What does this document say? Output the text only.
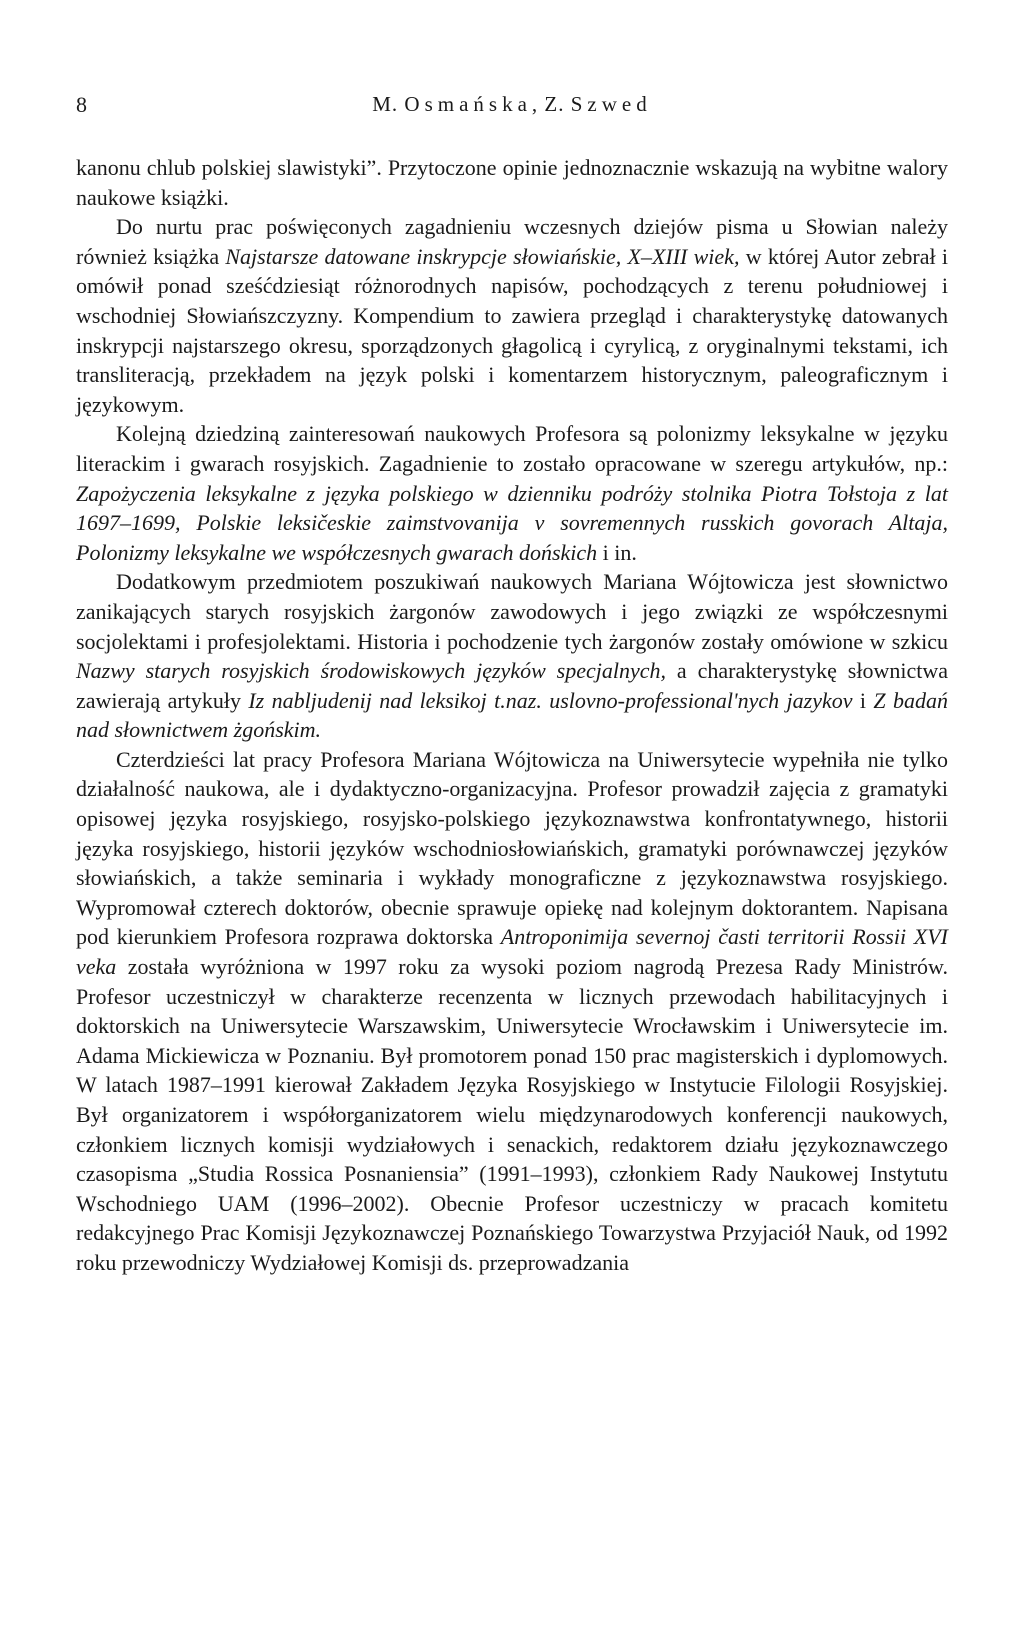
8	M. Osmańska, Z. Szwed

kanonu chlub polskiej slawistyki”. Przytoczone opinie jednoznacznie wskazują na wybitne walory naukowe książki.

Do nurtu prac poświęconych zagadnieniu wczesnych dziejów pisma u Słowian należy również książka Najstarsze datowane inskrypcje słowiańskie, X–XIII wiek, w której Autor zebrał i omówił ponad sześćdziesiąt różnorodnych napisów, pochodzących z terenu południowej i wschodniej Słowiańszczyzny. Kompendium to zawiera przegląd i charakterystykę datowanych inskrypcji najstarszego okresu, sporządzonych głagolicą i cyrylicą, z oryginalnymi tekstami, ich transliteracją, przekładem na język polski i komentarzem historycznym, paleograficznym i językowym.

Kolejną dziedziną zainteresowań naukowych Profesora są polonizmy leksykalne w języku literackim i gwarach rosyjskich. Zagadnienie to zostało opracowane w szeregu artykułów, np.: Zapożyczenia leksykalne z języka polskiego w dzienniku podróży stolnika Piotra Tołstoja z lat 1697–1699, Polskie leksičeskie zaimstvovanija v sovremennych russkich govorach Altaja, Polonizmy leksykalne we współczesnych gwarach dońskich i in.

Dodatkowym przedmiotem poszukiwań naukowych Mariana Wójtowicza jest słownictwo zanikających starych rosyjskich żargonów zawodowych i jego związki ze współczesnymi socjolektami i profesjolektami. Historia i pochodzenie tych żargonów zostały omówione w szkicu Nazwy starych rosyjskich środowiskowych języków specjalnych, a charakterystykę słownictwa zawierają artykuły Iz nabljudenij nad leksikoj t.naz. uslovno-professional'nych jazykov i Z badań nad słownictwem żgońskim.

Czterdzieści lat pracy Profesora Mariana Wójtowicza na Uniwersytecie wypełniła nie tylko działalność naukowa, ale i dydaktyczno-organizacyjna. Profesor prowadził zajęcia z gramatyki opisowej języka rosyjskiego, rosyjsko-polskiego językoznawstwa konfrontatywnego, historii języka rosyjskiego, historii języków wschodniosłowiańskich, gramatyki porównawczej języków słowiańskich, a także seminaria i wykłady monograficzne z językoznawstwa rosyjskiego. Wypromował czterech doktorów, obecnie sprawuje opiekę nad kolejnym doktorantem. Napisana pod kierunkiem Profesora rozprawa doktorska Antroponimija severnoj časti territorii Rossii XVI veka została wyróżniona w 1997 roku za wysoki poziom nagrodą Prezesa Rady Ministrów. Profesor uczestniczył w charakterze recenzenta w licznych przewodach habilitacyjnych i doktorskich na Uniwersytecie Warszawskim, Uniwersytecie Wrocławskim i Uniwersytecie im. Adama Mickiewicza w Poznaniu. Był promotorem ponad 150 prac magisterskich i dyplomowych. W latach 1987–1991 kierował Zakładem Języka Rosyjskiego w Instytucie Filologii Rosyjskiej. Był organizatorem i współorganizatorem wielu międzynarodowych konferencji naukowych, członkiem licznych komisji wydziałowych i senackich, redaktorem działu językoznawczego czasopisma „Studia Rossica Posnaniensia” (1991–1993), członkiem Rady Naukowej Instytutu Wschodniego UAM (1996–2002). Obecnie Profesor uczestniczy w pracach komitetu redakcyjnego Prac Komisji Językoznawczej Poznańskiego Towarzystwa Przyjaciół Nauk, od 1992 roku przewodniczy Wydziałowej Komisji ds. przeprowadzania
